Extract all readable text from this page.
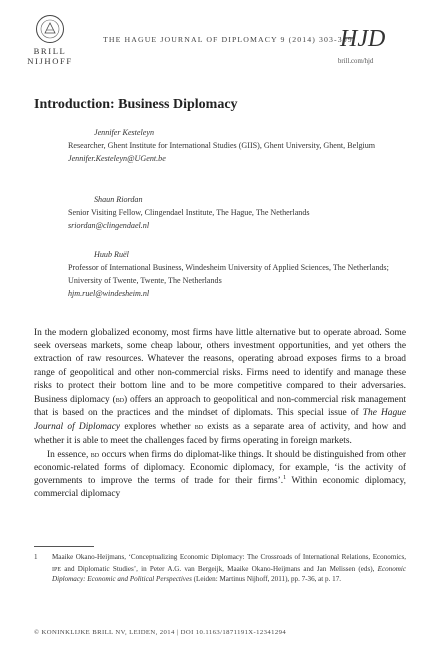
BRILL
NIJHOFF
THE HAGUE JOURNAL OF DIPLOMACY 9 (2014) 303-309
HJD
brill.com/hjd
Introduction: Business Diplomacy
Jennifer Kesteleyn
Researcher, Ghent Institute for International Studies (GIIS), Ghent University, Ghent, Belgium
Jennifer.Kesteleyn@UGent.be
Shaun Riordan
Senior Visiting Fellow, Clingendael Institute, The Hague, The Netherlands
sriordan@clingendael.nl
Huub Ruël
Professor of International Business, Windesheim University of Applied Sciences, The Netherlands; University of Twente, Twente, The Netherlands
hjm.ruel@windesheim.nl

In the modern globalized economy, most firms have little alternative but to operate abroad. Some seek overseas markets, some cheap labour, others investment opportunities, and yet others the extraction of raw resources. Whatever the reasons, operating abroad exposes firms to a broad range of geopolitical and other non-commercial risks. Firms need to identify and manage these risks to protect their bottom line and to be more competitive compared to their adversaries. Business diplomacy (bd) offers an approach to geopolitical and non-commercial risk management that is based on the practices and the mindset of diplomats. This special issue of The Hague Journal of Diplomacy explores whether bd exists as a separate area of activity, and how and whether it is able to meet the challenges faced by firms operating in foreign markets.

In essence, bd occurs when firms do diplomat-like things. It should be distinguished from other economic-related forms of diplomacy. Economic diplomacy, for example, ‘is the activity of governments to improve the terms of trade for their firms’.$^1$ Within economic diplomacy, commercial diplomacy

1 Maaike Okano-Heijmans, ‘Conceptualizing Economic Diplomacy: The Crossroads of International Relations, Economics, ipe and Diplomatic Studies’, in Peter A.G. van Bergeijk, Maaike Okano-Heijmans and Jan Melissen (eds), Economic Diplomacy: Economic and Political Perspectives (Leiden: Martinus Nijhoff, 2011), pp. 7-36, at p. 17.
© KONINKLIJKE BRILL NV, LEIDEN, 2014 | DOI 10.1163/1871191X-12341294
